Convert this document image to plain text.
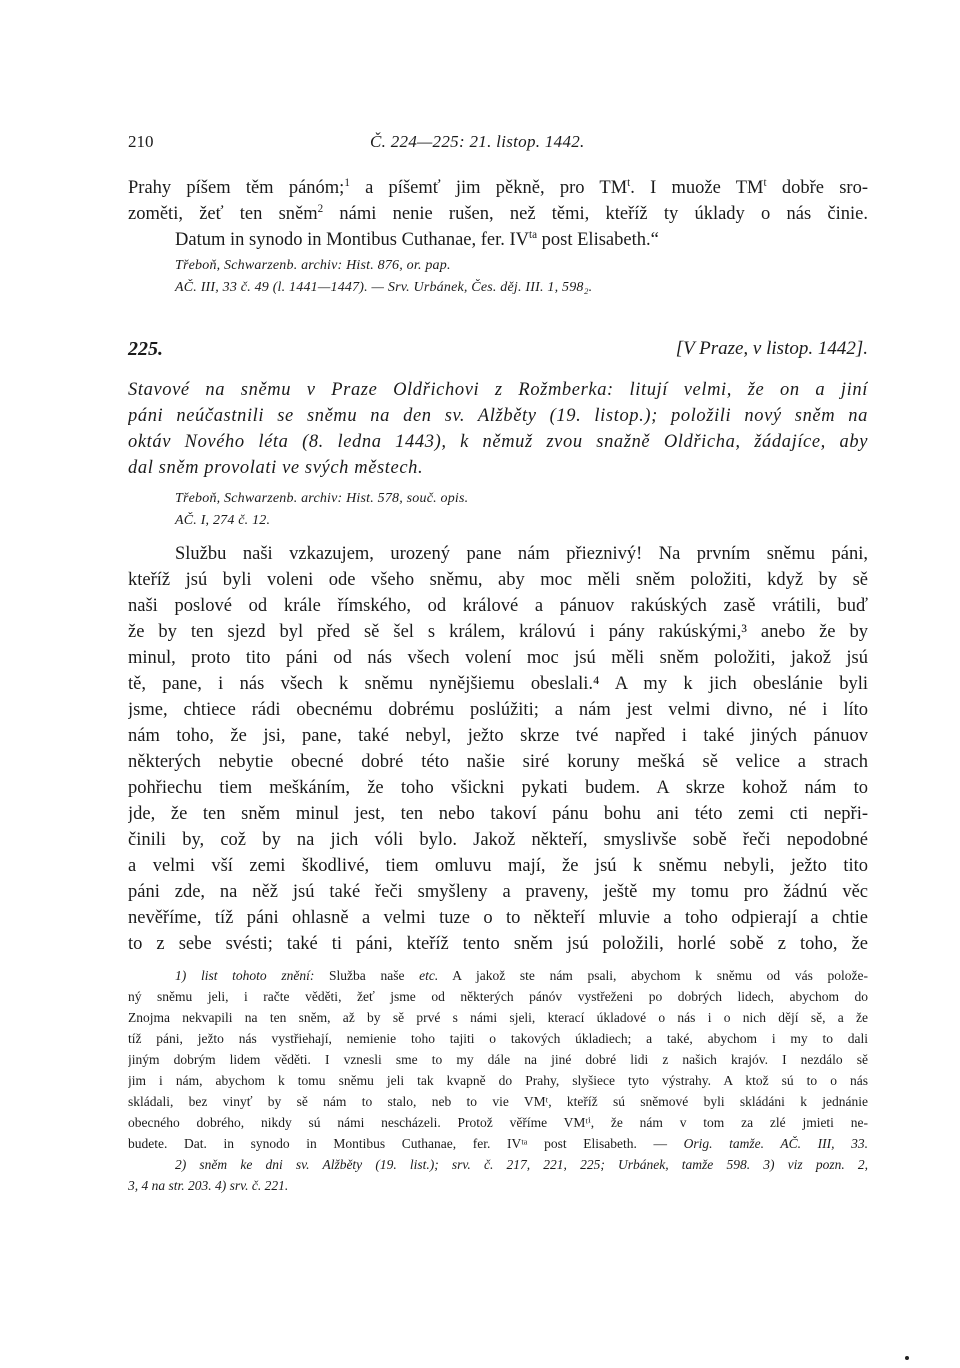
210	Č. 224—225: 21. listop. 1442.
Prahy píšem těm pánóm;$^1$ a píšemť jim pěkně, pro $TM^t$. I muože $TM^t$ dobře sro-
zoměti, žeť ten sněm$^2$ námi nenie rušen, než těmi, kteříž ty úklady o nás činie.
Datum in synodo in Montibus Cuthanae, fer. $IV^{ta}$ post Elisabeth.“
Třeboň, Schwarzenb. archiv: Hist. 876, or. pap.
AČ. III, 33 č. 49 (l. 1441—1447). — Srv. Urbánek, Čes. děj. III. 1, 598₂.
225.	[V Praze, v listop. 1442].
Stavové na sněmu v Praze Oldřichovi z Rožmberka: litují velmi, že on a jiní
páni neúčastnili se sněmu na den sv. Alžběty (19. listop.); položili nový sněm na
oktáv Nového léta (8. ledna 1443), k němuž zvou snažně Oldřicha, žádajíce, aby
dal sněm provolati ve svých městech.
Třeboň, Schwarzenb. archiv: Hist. 578, souč. opis.
AČ. I, 274 č. 12.
Službu naši vzkazujem, urozený pane nám přieznivý! Na prvním sněmu páni,
kteříž jsú byli voleni ode všeho sněmu, aby moc měli sněm položiti, když by sě
naši poslové od krále římského, od králové a pánuov rakúských zasě vrátili, buď
že by ten sjezd byl před sě šel s králem, královú i pány rakúskými,³ anebo že by
minul, proto tito páni od nás všech volení moc jsú měli sněm položiti, jakož jsú
tě, pane, i nás všech k sněmu nynějšiemu obeslali.⁴ A my k jich obeslánie byli
jsme, chtiece rádi obecnému dobrému poslúžiti; a nám jest velmi divno, né i líto
nám toho, že jsi, pane, také nebyl, ježto skrze tvé napřed i také jiných pánuov
některých nebytie obecné dobré této našie siré koruny mešká sě velice a strach
pohřiechu tiem meškáním, že toho všickni pykati budem. A skrze kohož nám to
jde, že ten sněm minul jest, ten nebo takoví pánu bohu ani této zemi cti nepři-
činili by, což by na jich vóli bylo. Jakož někteří, smyslivše sobě řeči nepodobné
a velmi vší zemi škodlivé, tiem omluvu mají, že jsú k sněmu nebyli, ježto tito
páni zde, na něž jsú také řeči smyšleny a praveny, ještě my tomu pro žádnú věc
nevěříme, tíž páni ohlasně a velmi tuze o to někteří mluvie a toho odpierají a chtie
to z sebe svésti; také ti páni, kteříž tento sněm jsú položili, horlé sobě z toho, že
1) list tohoto znění: Služba naše etc. A jakož ste nám psali, abychom k sněmu od vás polože-
ný sněmu jeli, i račte věděti, žeť jsme od některých pánóv vystřeženi po dobrých lidech, abychom do
Znojma nekvapili na ten sněm, až by sě prvé s námi sjeli, kterací úkladové o nás i o nich dějí sě, a že
tíž páni, ježto nás vystřiehají, nemienie toho tajiti o takových úkladiech; a také, abychom i my to dali
jiným dobrým lidem věděti. I vznesli sme to my dále na jiné dobré lidi z našich krajóv. I nezdálo sě
jim i nám, abychom k tomu sněmu jeli tak kvapně do Prahy, slyšiece tyto výstrahy. A ktož sú to o nás
skládali, bez vinyť by sě nám to stalo, neb to vie VMᵗ, kteříž sú sněmové byli skládáni k jednánie
obecného dobrého, nikdy sú námi nescházeli. Protož věříme VMᵗⁱ, že nám v tom za zlé jmieti ne-
budete. Dat. in synodo in Montibus Cuthanae, fer. IVᵗᵃ post Elisabeth. — Orig. tamže. AČ. III, 33.
2) sněm ke dni sv. Alžběty (19. list.); srv. č. 217, 221, 225; Urbánek, tamže 598. 3) viz pozn. 2,
3, 4 na str. 203. 4) srv. č. 221.
